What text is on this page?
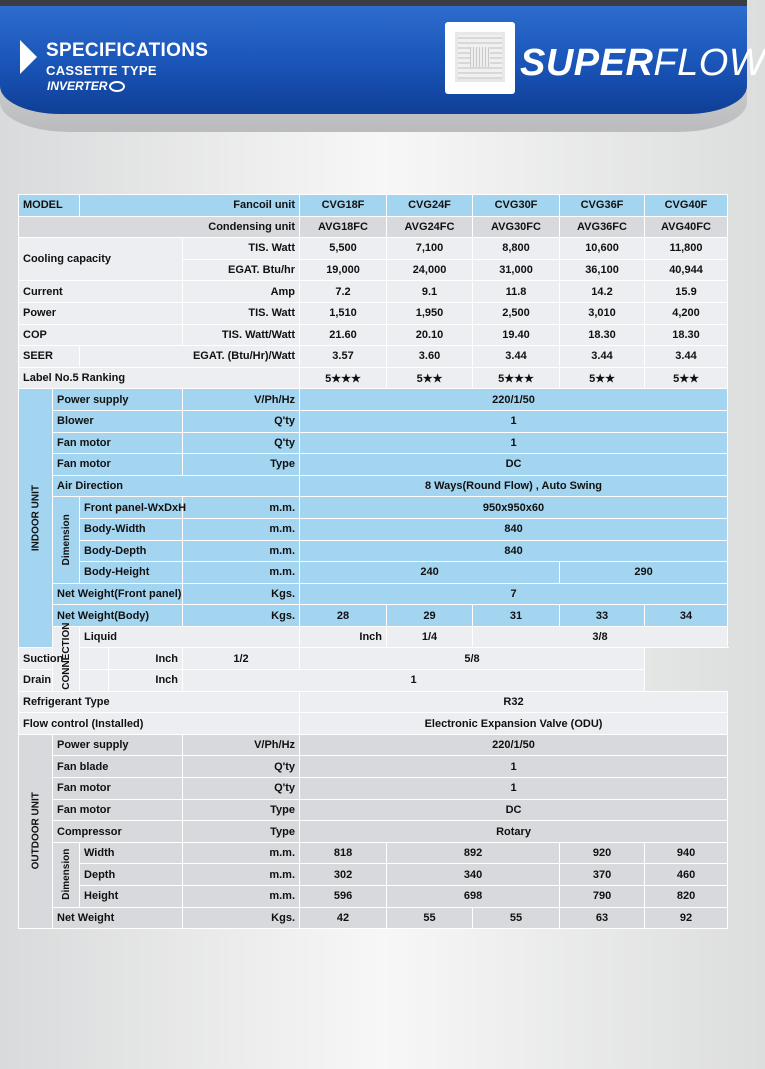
SPECIFICATIONS
CASSETTE TYPE
INVERTER
SUPERFLOW
MODEL		Fancoil unit			CVG18F	CVG24F	CVG30F	CVG36F	CVG40F
Condensing unit					AVG18FC	AVG24FC	AVG30FC	AVG36FC	AVG40FC
Cooling capacity				TIS. Watt	5,500	7,100	8,800	10,600	11,800
				EGAT. Btu/hr	19,000	24,000	31,000	36,100	40,944
Current				Amp	7.2	9.1	11.8	14.2	15.9
Power				TIS. Watt	1,510	1,950	2,500	3,010	4,200
COP				TIS. Watt/Watt	21.60	20.10	19.40	18.30	18.30
SEER		EGAT. (Btu/Hr)/Watt			3.57	3.60	3.44	3.44	3.44
Label No.5 Ranking					5★★★	5★★	5★★★	5★★	5★★
INDOOR UNIT	Power supply			V/Ph/Hz	220/1/50				
	Blower			Q'ty	1				
	Fan motor			Q'ty	1				
	Fan motor			Type	DC				
	Air Direction				8 Ways(Round Flow) , Auto Swing				
	Dimension	Front panel-WxDxH		m.m.	950x950x60				
		Body-Width		m.m.	840				
		Body-Depth		m.m.	840				
		Body-Height		m.m.	240			290	
	Net Weight(Front panel)			Kgs.	7				
	Net Weight(Body)			Kgs.	28	29	31	33	34
	CONNECTION	Liquid			Inch	1/4	3/8		
Suction			Inch	1/2	5/8				
Drain			Inch	1					
Refrigerant Type					R32				
Flow control (Installed)					Electronic Expansion Valve (ODU)				
OUTDOOR UNIT	Power supply			V/Ph/Hz	220/1/50				
	Fan blade			Q'ty	1				
	Fan motor			Q'ty	1				
	Fan motor			Type	DC				
	Compressor			Type	Rotary				
	Dimension	Width		m.m.	818	892		920	940
		Depth		m.m.	302	340		370	460
		Height		m.m.	596	698		790	820
	Net Weight			Kgs.	42	55	55	63	92
